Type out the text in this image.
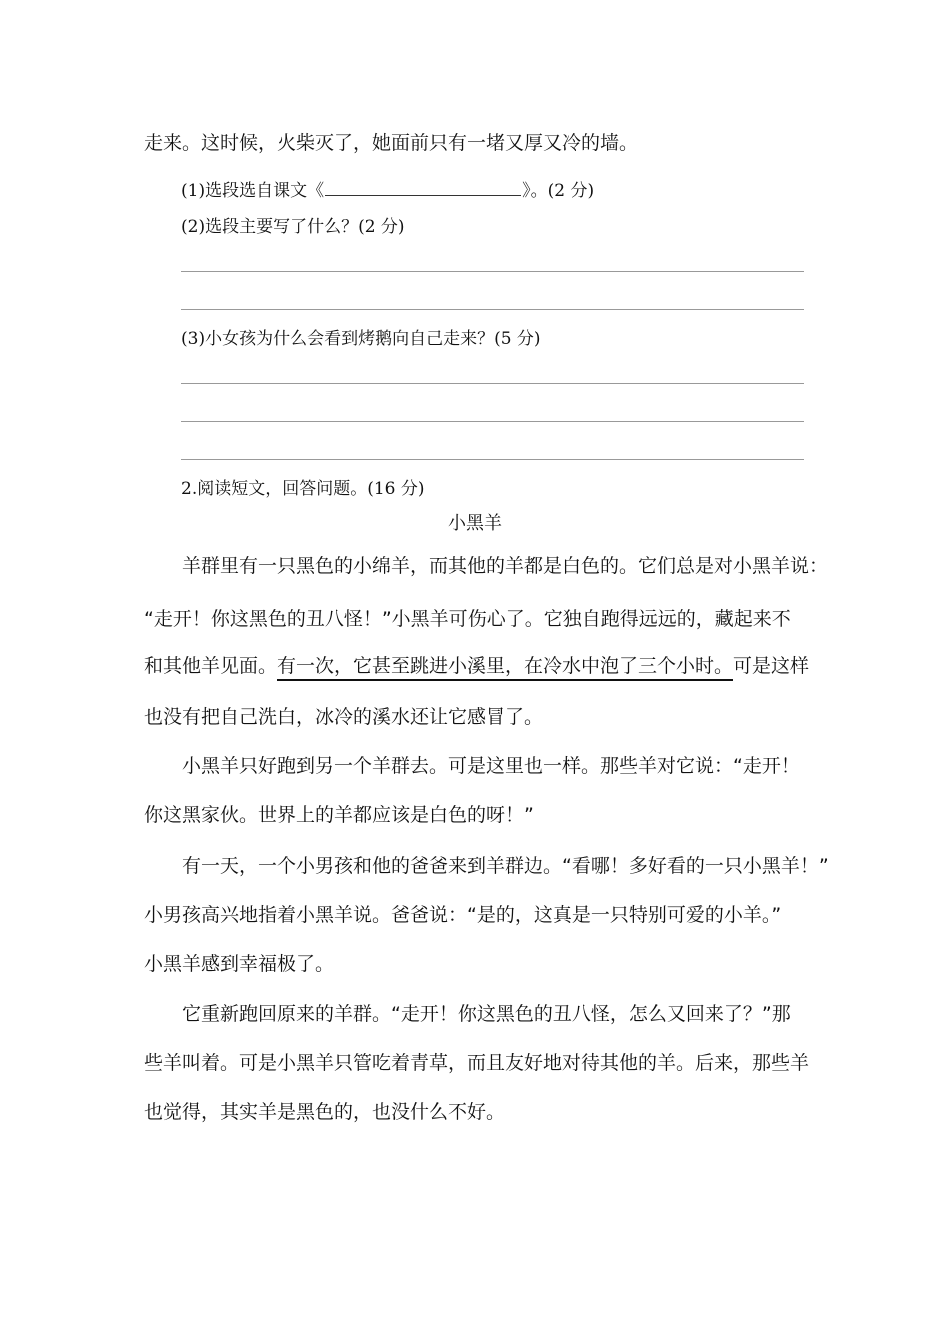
走来。这时候，火柴灭了，她面前只有一堵又厚又冷的墙。
(1)选段选自课文《	》。(2 分)
(2)选段主要写了什么？(2 分)
(3)小女孩为什么会看到烤鹅向自己走来？(5 分)
2.阅读短文，回答问题。(16 分)
小黑羊
　　羊群里有一只黑色的小绵羊，而其他的羊都是白色的。它们总是对小黑羊说：
“走开！你这黑色的丑八怪！”小黑羊可伤心了。它独自跑得远远的，藏起来不
和其他羊见面。有一次，它甚至跳进小溪里，在冷水中泡了三个小时。可是这样
也没有把自己洗白，冰冷的溪水还让它感冒了。
　　小黑羊只好跑到另一个羊群去。可是这里也一样。那些羊对它说：“走开！
你这黑家伙。世界上的羊都应该是白色的呀！”
　　有一天，一个小男孩和他的爸爸来到羊群边。“看哪！多好看的一只小黑羊！”
小男孩高兴地指着小黑羊说。爸爸说：“是的，这真是一只特别可爱的小羊。”
小黑羊感到幸福极了。
　　它重新跑回原来的羊群。“走开！你这黑色的丑八怪，怎么又回来了？”那
些羊叫着。可是小黑羊只管吃着青草，而且友好地对待其他的羊。后来，那些羊
也觉得，其实羊是黑色的，也没什么不好。
